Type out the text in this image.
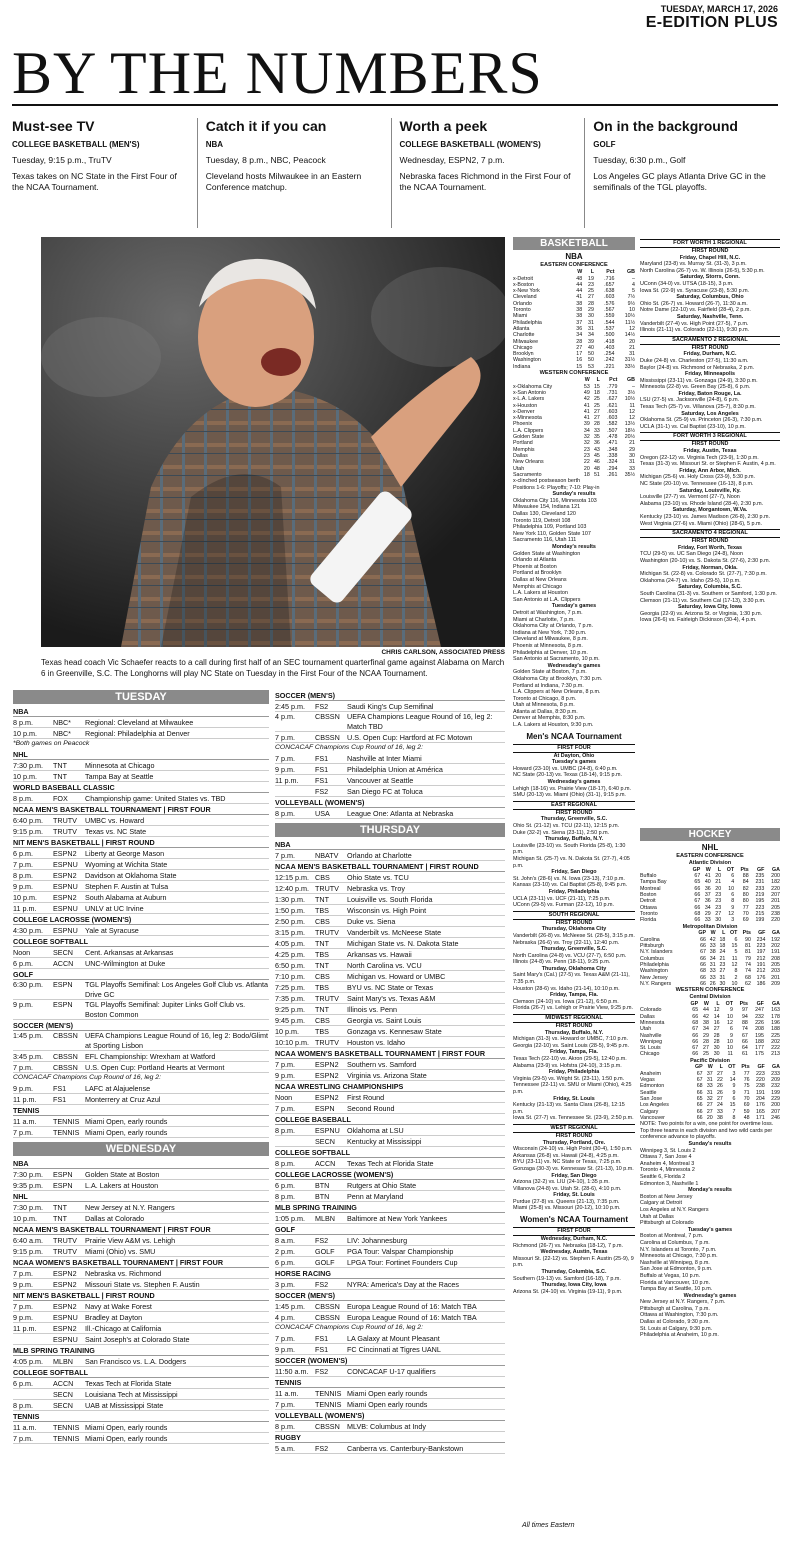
TUESDAY, MARCH 17, 2026
E-EDITION PLUS
BY THE NUMBERS
Must-see TV
COLLEGE BASKETBALL (MEN'S)
Tuesday, 9:15 p.m., TruTV
Texas takes on NC State in the First Four of the NCAA Tournament.
Catch it if you can
NBA
Tuesday, 8 p.m., NBC, Peacock
Cleveland hosts Milwaukee in an Eastern Conference matchup.
Worth a peek
COLLEGE BASKETBALL (WOMEN'S)
Wednesday, ESPN2, 7 p.m.
Nebraska faces Richmond in the First Four of the NCAA Tournament.
On in the background
GOLF
Tuesday, 6:30 p.m., Golf
Los Angeles GC plays Atlanta Drive GC in the semifinals of the TGL playoffs.
CHRIS CARLSON, ASSOCIATED PRESS
Texas head coach Vic Schaefer reacts to a call during first half of an SEC tournament quarterfinal game against Alabama on March 6 in Greenville, S.C. The Longhorns will play NC State on Tuesday in the First Four of the NCAA Tournament.
TUESDAY
NBA
8 p.m.	NBC*	Regional: Cleveland at Milwaukee
10 p.m.	NBC*	Regional: Philadelphia at Denver
*Both games on Peacock
NHL
7:30 p.m.	TNT	Minnesota at Chicago
10 p.m.	TNT	Tampa Bay at Seattle
WORLD BASEBALL CLASSIC
8 p.m.	FOX	Championship game: United States vs. TBD
NCAA MEN'S BASKETBALL TOURNAMENT | FIRST FOUR
6:40 p.m.	TRUTV	UMBC vs. Howard
9:15 p.m.	TRUTV	Texas vs. NC State
NIT MEN'S BASKETBALL | FIRST ROUND
6 p.m.	ESPN2	Liberty at George Mason
7 p.m.	ESPNU	Wyoming at Wichita State
8 p.m.	ESPN2	Davidson at Oklahoma State
9 p.m.	ESPNU	Stephen F. Austin at Tulsa
10 p.m.	ESPN2	South Alabama at Auburn
11 p.m.	ESPNU	UNLV at UC Irvine
COLLEGE LACROSSE (WOMEN'S)
4:30 p.m.	ESPNU	Yale at Syracuse
COLLEGE SOFTBALL
Noon	SECN	Cent. Arkansas at Arkansas
6 p.m.	ACCN	UNC-Wilmington at Duke
GOLF
6:30 p.m.	ESPN	TGL Playoffs Semifinal: Los Angeles Golf Club vs. Atlanta Drive GC
9 p.m.	ESPN	TGL Playoffs Semifinal: Jupiter Links Golf Club vs. Boston Common
SOCCER (MEN'S)
1:45 p.m.	CBSSN	UEFA Champions League Round of 16, leg 2: Bodo/Glimt at Sporting Lisbon
3:45 p.m.	CBSSN	EFL Championship: Wrexham at Watford
7 p.m.	CBSSN	U.S. Open Cup: Portland Hearts at Vermont
CONCACAF Champions Cup Round of 16, leg 2:
9 p.m.	FS1	LAFC at Alajuelense
11 p.m.	FS1	Monterrery at Cruz Azul
TENNIS
11 a.m.	TENNIS Miami Open, early rounds
7 p.m.	TENNIS Miami Open, early rounds
WEDNESDAY
NBA
7:30 p.m.	ESPN	Golden State at Boston
9:35 p.m.	ESPN	L.A. Lakers at Houston
NHL
7:30 p.m.	TNT	New Jersey at N.Y. Rangers
10 p.m.	TNT	Dallas at Colorado
NCAA MEN'S BASKETBALL TOURNAMENT | FIRST FOUR
6:40 a.m.	TRUTV	Prairie View A&M vs. Lehigh
9:15 p.m.	TRUTV	Miami (Ohio) vs. SMU
NCAA WOMEN'S BASKETBALL TOURNAMENT | FIRST FOUR
7 p.m.	ESPN2	Nebraska vs. Richmond
9 p.m.	ESPN2	Missouri State vs. Stephen F. Austin
NIT MEN'S BASKETBALL | FIRST ROUND
7 p.m.	ESPN2	Navy at Wake Forest
9 p.m.	ESPNU	Bradley at Dayton
11 p.m.	ESPN2	Ill.-Chicago at California
ESPNU	Saint Joseph's at Colorado State
MLB SPRING TRAINING
4:05 p.m.	MLBN	San Francisco vs. L.A. Dodgers
COLLEGE SOFTBALL
6 p.m.	ACCN	Texas Tech at Florida State
SECN	Louisiana Tech at Mississippi
8 p.m.	SECN	UAB at Mississippi State
TENNIS
11 a.m.	TENNIS Miami Open, early rounds
7 p.m.	TENNIS Miami Open, early rounds
SOCCER (MEN'S)
2:45 p.m.	FS2	Saudi King's Cup Semifinal
4 p.m.	CBSSN	UEFA Champions League Round of 16, leg 2: Match TBD
7 p.m.	CBSSN	U.S. Open Cup: Hartford at FC Motown
CONCACAF Champions Cup Round of 16, leg 2:
7 p.m.	FS1	Nashville at Inter Miami
9 p.m.	FS1	Philadelphia Union at América
11 p.m.	FS1	Vancouver at Seattle
FS2	San Diego FC at Toluca
VOLLEYBALL (WOMEN'S)
8 p.m.	USA	League One: Atlanta at Nebraska
THURSDAY
NBA
7 p.m.	NBATV	Orlando at Charlotte
NCAA MEN'S BASKETBALL TOURNAMENT | FIRST ROUND
12:15 p.m. CBS	Ohio State vs. TCU
12:40 p.m. TRUTV	Nebraska vs. Troy
1:30 p.m.	TNT	Louisville vs. South Florida
1:50 p.m.	TBS	Wisconsin vs. High Point
2:50 p.m.	CBS	Duke vs. Siena
3:15 p.m.	TRUTV	Vanderbilt vs. McNeese State
4:05 p.m.	TNT	Michigan State vs. N. Dakota State
4:25 p.m.	TBS	Arkansas vs. Hawaii
6:50 p.m.	TNT	North Carolina vs. VCU
7:10 p.m.	CBS	Michigan vs. Howard or UMBC
7:25 p.m.	TBS	BYU vs. NC State or Texas
7:35 p.m.	TRUTV	Saint Mary's vs. Texas A&M
9:25 p.m.	TNT	Illinois vs. Penn
9:45 p.m.	CBS	Georgia vs. Saint Louis
10 p.m.	TBS	Gonzaga vs. Kennesaw State
10:10 p.m. TRUTV	Houston vs. Idaho
NCAA WOMEN'S BASKETBALL TOURNAMENT | FIRST FOUR
7 p.m.	ESPN2	Southern vs. Samford
9 p.m.	ESPN2	Virginia vs. Arizona State
NCAA WRESTLING CHAMPIONSHIPS
Noon	ESPN2	First Round
7 p.m.	ESPN	Second Round
COLLEGE BASEBALL
8 p.m.	ESPNU	Oklahoma at LSU
SECN	Kentucky at Mississippi
COLLEGE SOFTBALL
8 p.m.	ACCN	Texas Tech at Florida State
COLLEGE LACROSSE (WOMEN'S)
6 p.m.	BTN	Rutgers at Ohio State
8 p.m.	BTN	Penn at Maryland
MLB SPRING TRAINING
1:05 p.m.	MLBN	Baltimore at New York Yankees
GOLF
8 a.m.	FS2	LIV: Johannesburg
2 p.m.	GOLF	PGA Tour: Valspar Championship
6 p.m.	GOLF	LPGA Tour: Fortinet Founders Cup
HORSE RACING
3 p.m.	FS2	NYRA: America's Day at the Races
SOCCER (MEN'S)
1:45 p.m.	CBSSN	Europa League Round of 16: Match TBA
4 p.m.	CBSSN	Europa League Round of 16: Match TBA
CONCACAF Champions Cup Round of 16, leg 2:
7 p.m.	FS1	LA Galaxy at Mount Pleasant
9 p.m.	FS1	FC Cincinnati at Tigres UANL
SOCCER (WOMEN'S)
11:50 a.m. FS2	CONCACAF U-17 qualifiers
TENNIS
11 a.m.	TENNIS Miami Open early rounds
7 p.m.	TENNIS Miami Open early rounds
VOLLEYBALL (WOMEN'S)
8 p.m.	CBSSN	MLVB: Columbus at Indy
RUGBY
5 a.m.	FS2	Canberra vs. Canterbury-Bankstown
BASKETBALL
NBA
EASTERN CONFERENCE
	W	L	Pct	GB
x-Detroit	48	19	.716	–
x-Boston	44	23	.657	4
x-New York	44	25	.638	5
Cleveland	41	27	.603	7½
Orlando	38	28	.576	9½
Toronto	38	29	.567	10
Miami	38	30	.559	10½
Philadelphia	37	31	.544	11½
Atlanta	36	31	.537	12
Charlotte	34	34	.500	14½
Milwaukee	28	39	.418	20
Chicago	27	40	.403	21
Brooklyn	17	50	.254	31
Washington	16	50	.242	31½
Indiana	15	53	.221	33½
WESTERN CONFERENCE
	W	L	Pct	GB
x-Oklahoma City	53	15	.779	–
x-San Antonio	49	18	.731	3½
x-L.A. Lakers	42	25	.627	10½
x-Houston	41	25	.621	11
x-Denver	41	27	.603	12
x-Minnesota	41	27	.603	12
Phoenix	39	28	.582	13½
L.A. Clippers	34	33	.507	18½
Golden State	32	35	.478	20½
Portland	32	36	.471	21
Memphis	23	43	.348	29
Dallas	23	45	.338	30
New Orleans	22	46	.324	31
Utah	20	48	.294	33
Sacramento	18	51	.261	35½
x-clinched postseason berth
Positions 1-6: Playoffs; 7-10: Play-in
Sunday's results
Oklahoma City 116, Minnesota 103
Milwaukee 154, Indiana 121
Dallas 130, Cleveland 120
Toronto 119, Detroit 108
Philadelphia 109, Portland 103
New York 110, Golden State 107
Sacramento 116, Utah 111
Monday's results
Golden State at Washington
Orlando at Atlanta
Phoenix at Boston
Portland at Brooklyn
Dallas at New Orleans
Memphis at Chicago
L.A. Lakers at Houston
San Antonio at L.A. Clippers
Tuesday's games
Detroit at Washington, 7 p.m.
Miami at Charlotte, 7 p.m.
Oklahoma City at Orlando, 7 p.m.
Indiana at New York, 7:30 p.m.
Cleveland at Milwaukee, 8 p.m.
Phoenix at Minnesota, 8 p.m.
Philadelphia at Denver, 10 p.m.
San Antonio at Sacramento, 10 p.m.
Wednesday's games
Golden State at Boston, 7 p.m.
Oklahoma City at Brooklyn, 7:30 p.m.
Portland at Indiana, 7:30 p.m.
L.A. Clippers at New Orleans, 8 p.m.
Toronto at Chicago, 8 p.m.
Utah at Minnesota, 8 p.m.
Atlanta at Dallas, 8:30 p.m.
Denver at Memphis, 8:30 p.m.
L.A. Lakers at Houston, 9:30 p.m.
Men's NCAA Tournament
FIRST FOUR
At Dayton, Ohio
Tuesday's games
Howard (23-10) vs. UMBC (24-8), 6:40 p.m.
NC State (20-13) vs. Texas (18-14), 9:15 p.m.
Wednesday's games
Lehigh (18-16) vs. Prairie View (18-17), 6:40 p.m.
SMU (20-13) vs. Miami (Ohio) (31-1), 9:15 p.m.
EAST REGIONAL
FIRST ROUND
Thursday, Greenville, S.C.
Ohio St. (21-12) vs. TCU (22-11), 12:15 p.m.
Duke (32-2) vs. Siena (23-11), 2:50 p.m.
Thursday, Buffalo, N.Y.
Louisville (23-10) vs. South Florida (25-8), 1:30 p.m.
Michigan St. (25-7) vs. N. Dakota St. (27-7), 4:05 p.m.
Friday, San Diego
St. John's (28-6) vs. N. Iowa (23-13), 7:10 p.m.
Kansas (23-10) vs. Cal Baptist (25-8), 9:45 p.m.
Friday, Philadelphia
UCLA (23-11) vs. UCF (21-11), 7:25 p.m.
UConn (29-5) vs. Furman (22-12), 10 p.m.
SOUTH REGIONAL
FIRST ROUND
Thursday, Oklahoma City
Vanderbilt (26-8) vs. McNeese St. (28-5), 3:15 p.m.
Nebraska (26-6) vs. Troy (22-11), 12:40 p.m.
Thursday, Greenville, S.C.
North Carolina (24-8) vs. VCU (27-7), 6:50 p.m.
Illinois (24-8) vs. Penn (18-11), 9:25 p.m.
Thursday, Oklahoma City
Saint Mary's (Cal.) (27-5) vs. Texas A&M (21-11), 7:35 p.m.
Houston (28-6) vs. Idaho (21-14), 10:10 p.m.
Friday, Tampa, Fla.
Clemson (24-10) vs. Iowa (21-12), 6:50 p.m.
Florida (26-7) vs. Lehigh or Prairie View, 9:25 p.m.
MIDWEST REGIONAL
FIRST ROUND
Thursday, Buffalo, N.Y.
Michigan (31-3) vs. Howard or UMBC, 7:10 p.m.
Georgia (22-10) vs. Saint Louis (28-5), 9:45 p.m.
Friday, Tampa, Fla.
Texas Tech (22-10) vs. Akron (29-5), 12:40 p.m.
Alabama (23-9) vs. Hofstra (24-10), 3:15 p.m.
Friday, Philadelphia
Virginia (29-5) vs. Wright St. (23-11), 1:50 p.m.
Tennessee (22-11) vs. SMU or Miami (Ohio), 4:25 p.m.
Friday, St. Louis
Kentucky (21-13) vs. Santa Clara (26-8), 12:15 p.m.
Iowa St. (27-7) vs. Tennessee St. (23-9), 2:50 p.m.
WEST REGIONAL
FIRST ROUND
Thursday, Portland, Ore.
Wisconsin (24-10) vs. High Point (30-4), 1:50 p.m.
Arkansas (26-8) vs. Hawaii (24-8), 4:25 p.m.
BYU (23-11) vs. NC State or Texas, 7:25 p.m.
Gonzaga (30-3) vs. Kennesaw St. (21-13), 10 p.m.
Friday, San Diego
Arizona (32-2) vs. LIU (24-10), 1:35 p.m.
Villanova (24-8) vs. Utah St. (28-6), 4:10 p.m.
Friday, St. Louis
Purdue (27-8) vs. Queens (21-13), 7:35 p.m.
Miami (25-8) vs. Missouri (20-12), 10:10 p.m.
Women's NCAA Tournament
FIRST FOUR
Wednesday, Durham, N.C.
Richmond (26-7) vs. Nebraska (18-12), 7 p.m.
Wednesday, Austin, Texas
Missouri St. (22-12) vs. Stephen F. Austin (25-9), 9 p.m.
Thursday, Columbia, S.C.
Southern (19-13) vs. Samford (16-18), 7 p.m.
Thursday, Iowa City, Iowa
Arizona St. (24-10) vs. Virginia (19-11), 9 p.m.
FORT WORTH 1 REGIONAL
FIRST ROUND
Friday, Chapel Hill, N.C.
Maryland (23-8) vs. Murray St. (31-3), 3 p.m.
North Carolina (26-7) vs. W. Illinois (26-5), 5:30 p.m.
Saturday, Storrs, Conn.
UConn (34-0) vs. UTSA (18-15), 3 p.m.
Iowa St. (22-9) vs. Syracuse (23-8), 5:30 p.m.
Saturday, Columbus, Ohio
Ohio St. (26-7) vs. Howard (26-7), 11:30 a.m.
Notre Dame (22-10) vs. Fairfield (28-4), 2 p.m.
Saturday, Nashville, Tenn.
Vanderbilt (27-4) vs. High Point (27-5), 7 p.m.
Illinois (21-11) vs. Colorado (22-11), 9:30 p.m.
SACRAMENTO 2 REGIONAL
FIRST ROUND
Friday, Durham, N.C.
Duke (24-8) vs. Charleston (27-5), 11:30 a.m.
Baylor (24-8) vs. Richmond or Nebraska, 2 p.m.
Friday, Minneapolis
Mississippi (23-11) vs. Gonzaga (24-9), 3:30 p.m.
Minnesota (22-8) vs. Green Bay (25-8), 6 p.m.
Friday, Baton Rouge, La.
LSU (27-5) vs. Jacksonville (24-8), 6 p.m.
Texas Tech (25-7) vs. Villanova (25-7), 8:30 p.m.
Saturday, Los Angeles
Oklahoma St. (25-9) vs. Princeton (26-3), 7:30 p.m.
UCLA (31-1) vs. Cal Baptist (23-10), 10 p.m.
FORT WORTH 3 REGIONAL
FIRST ROUND
Friday, Austin, Texas
Oregon (22-12) vs. Virginia Tech (23-9), 1:30 p.m.
Texas (31-3) vs. Missouri St. or Stephen F. Austin, 4 p.m.
Friday, Ann Arbor, Mich.
Michigan (25-6) vs. Holy Cross (23-9), 5:30 p.m.
NC State (20-10) vs. Tennessee (16-13), 8 p.m.
Saturday, Louisville, Ky.
Louisville (27-7) vs. Vermont (27-7), Noon
Alabama (23-10) vs. Rhode Island (28-4), 2:30 p.m.
Saturday, Morgantown, W.Va.
Kentucky (23-10) vs. James Madison (26-8), 2:30 p.m.
West Virginia (27-6) vs. Miami (Ohio) (28-6), 5 p.m.
SACRAMENTO 4 REGIONAL
FIRST ROUND
Friday, Fort Worth, Texas
TCU (29-5) vs. UC San Diego (24-8), Noon
Washington (20-10) vs. S. Dakota St. (27-6), 2:30 p.m.
Friday, Norman, Okla.
Michigan St. (22-8) vs. Colorado St. (27-7), 7:30 p.m.
Oklahoma (24-7) vs. Idaho (29-5), 10 p.m.
Saturday, Columbia, S.C.
South Carolina (31-3) vs. Southern or Samford, 1:30 p.m.
Clemson (21-11) vs. Southern Cal (17-13), 3:30 p.m.
Saturday, Iowa City, Iowa
Georgia (22-9) vs. Arizona St. or Virginia, 1:30 p.m.
Iowa (26-6) vs. Fairleigh Dickinson (30-4), 4 p.m.
HOCKEY
NHL
EASTERN CONFERENCE
Atlantic Division
	GP	W	L	OT	Pts	GF	GA
Buffalo	67	41	20	6	88	235	200
Tampa Bay	65	40	21	4	84	231	182
Montreal	66	36	20	10	82	233	220
Boston	66	37	23	6	80	219	207
Detroit	67	36	23	8	80	195	201
Ottawa	66	34	23	9	77	223	205
Toronto	68	29	27	12	70	215	238
Florida	66	33	30	3	69	199	220
Metropolitan Division
	GP	W	L	OT	Pts	GF	GA
Carolina	66	42	18	6	90	234	192
Pittsburgh	66	33	18	15	81	223	202
N.Y. Islanders	67	38	24	5	81	197	191
Columbus	66	34	21	11	79	212	208
Philadelphia	66	31	23	12	74	191	205
Washington	68	33	27	8	74	212	203
New Jersey	66	33	31	2	68	176	201
N.Y. Rangers	66	26	30	10	62	186	209
WESTERN CONFERENCE
Central Division
	GP	W	L	OT	Pts	GF	GA
Colorado	65	44	12	9	97	247	163
Dallas	66	42	14	10	94	232	178
Minnesota	68	38	16	12	88	226	196
Utah	67	34	27	6	74	208	188
Nashville	66	29	28	9	67	195	225
Winnipeg	66	28	28	10	66	188	202
St. Louis	67	27	30	10	64	177	222
Chicago	66	25	30	11	61	175	213
Pacific Division
	GP	W	L	OT	Pts	GF	GA
Anaheim	67	37	27	3	77	223	233
Vegas	67	31	22	14	76	220	209
Edmonton	68	33	26	9	75	238	232
Seattle	66	31	26	9	71	191	199
San Jose	65	32	27	6	70	204	229
Los Angeles	66	27	24	15	69	176	200
Calgary	66	27	33	7	59	165	207
Vancouver	66	20	38	8	48	171	246
NOTE: Two points for a win, one point for overtime loss. Top three teams in each division and two wild cards per conference advance to playoffs.
Sunday's results
Winnipeg 3, St. Louis 2
Ottawa 7, San Jose 4
Anaheim 4, Montreal 3
Toronto 4, Minnesota 2
Seattle 6, Florida 2
Edmonton 3, Nashville 1
Monday's results
Boston at New Jersey
Calgary at Detroit
Los Angeles at N.Y. Rangers
Utah at Dallas
Pittsburgh at Colorado
Tuesday's games
Boston at Montreal, 7 p.m.
Carolina at Columbus, 7 p.m.
N.Y. Islanders at Toronto, 7 p.m.
Minnesota at Chicago, 7:30 p.m.
Nashville at Winnipeg, 8 p.m.
San Jose at Edmonton, 9 p.m.
Buffalo at Vegas, 10 p.m.
Florida at Vancouver, 10 p.m.
Tampa Bay at Seattle, 10 p.m.
Wednesday's games
New Jersey at N.Y. Rangers, 7 p.m.
Pittsburgh at Carolina, 7 p.m.
Ottawa at Washington, 7:30 p.m.
Dallas at Colorado, 9:30 p.m.
St. Louis at Calgary, 9:30 p.m.
Philadelphia at Anaheim, 10 p.m.
All times Eastern
